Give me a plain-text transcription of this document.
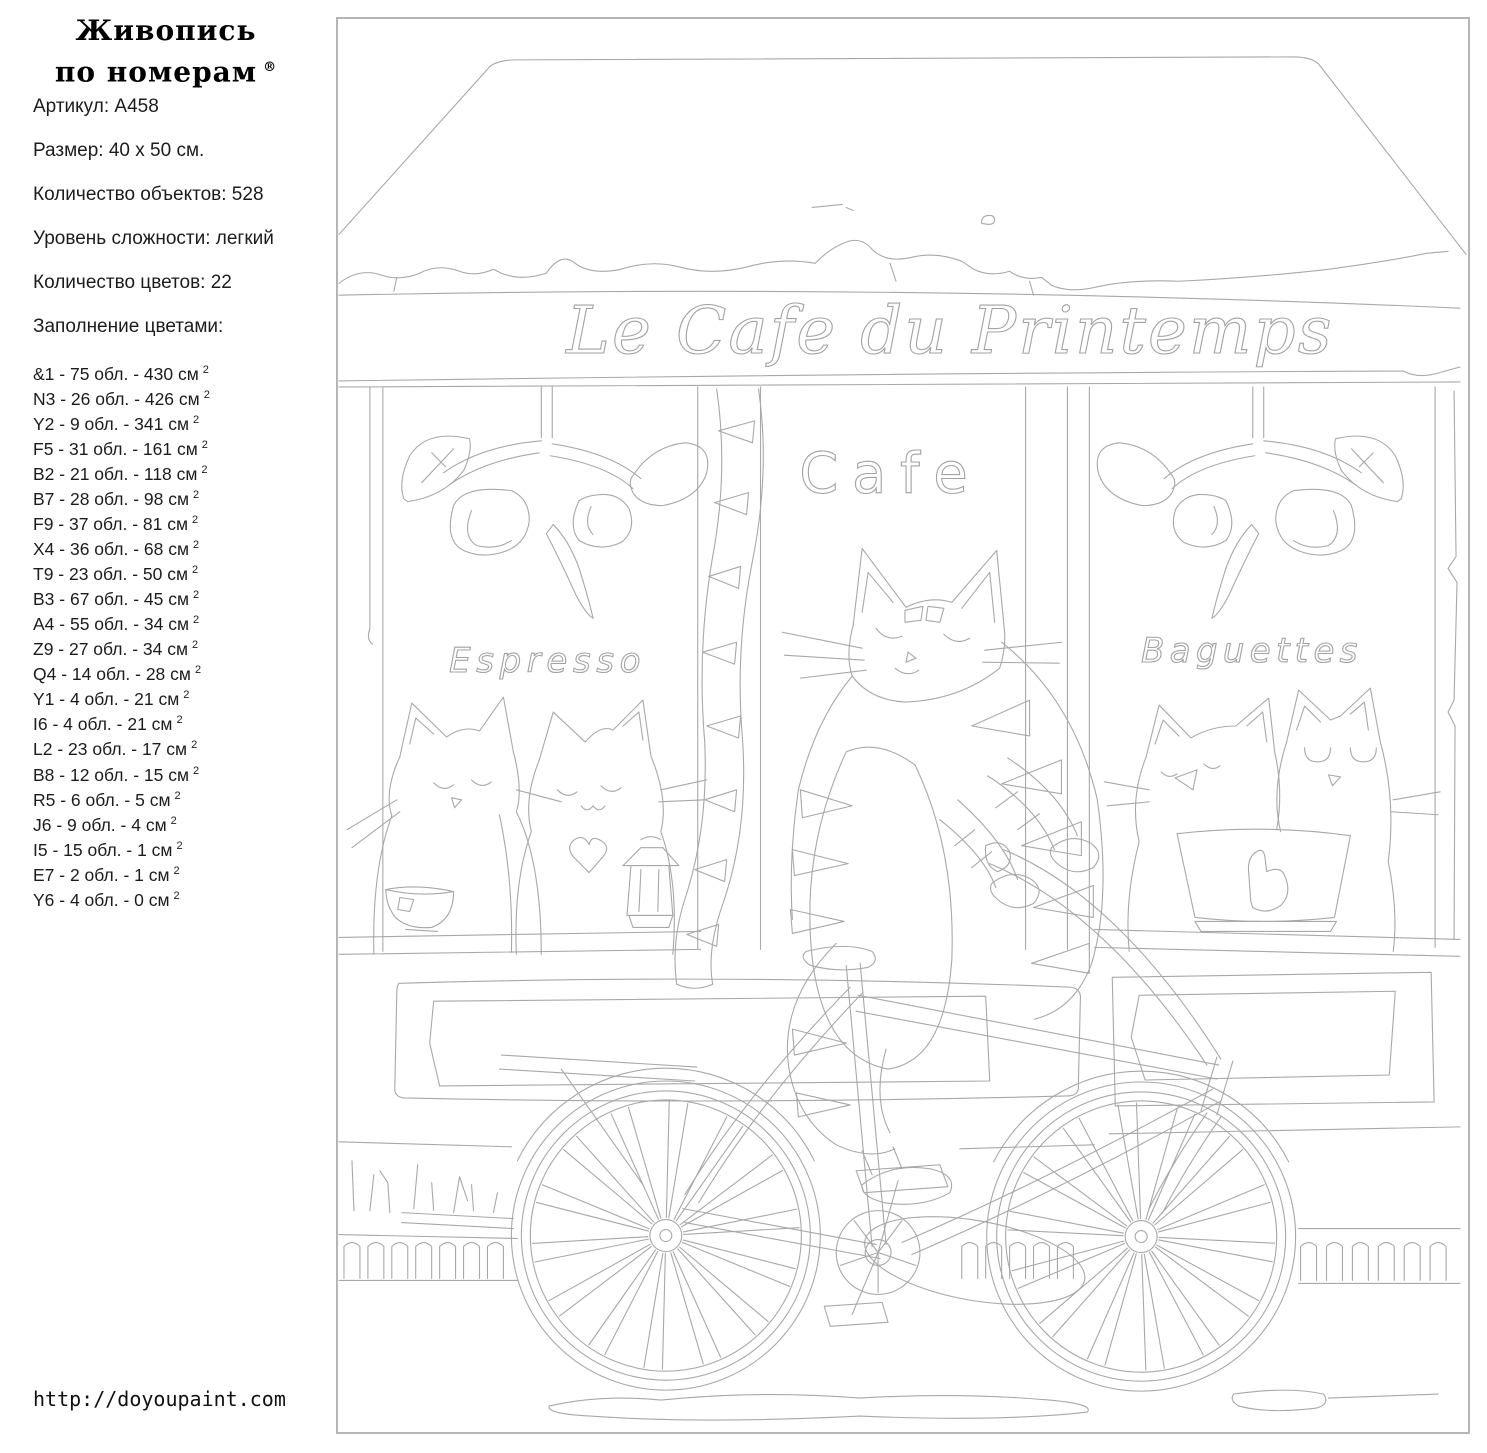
Живопись
по номерам ®

Артикул: A458

Размер: 40 х 50 см.

Количество объектов: 528

Уровень сложности: легкий

Количество цветов: 22

Заполнение цветами:

&1 - 75 обл. - 430 см $^2$
N3 - 26 обл. - 426 см $^2$
Y2 - 9 обл. - 341 см $^2$
F5 - 31 обл. - 161 см $^2$
B2 - 21 обл. - 118 см $^2$
B7 - 28 обл. - 98 см $^2$
F9 - 37 обл. - 81 см $^2$
X4 - 36 обл. - 68 см $^2$
T9 - 23 обл. - 50 см $^2$
B3 - 67 обл. - 45 см $^2$
A4 - 55 обл. - 34 см $^2$
Z9 - 27 обл. - 34 см $^2$
Q4 - 14 обл. - 28 см $^2$
Y1 - 4 обл. - 21 см $^2$
I6 - 4 обл. - 21 см $^2$
L2 - 23 обл. - 17 см $^2$
B8 - 12 обл. - 15 см $^2$
R5 - 6 обл. - 5 см $^2$
J6 - 9 обл. - 4 см $^2$
I5 - 15 обл. - 1 см $^2$
E7 - 2 обл. - 1 см $^2$
Y6 - 4 обл. - 0 см $^2$
http://doyoupaint.com
Le Cafe du Printemps
Espresso	Baguettes
Cafe
